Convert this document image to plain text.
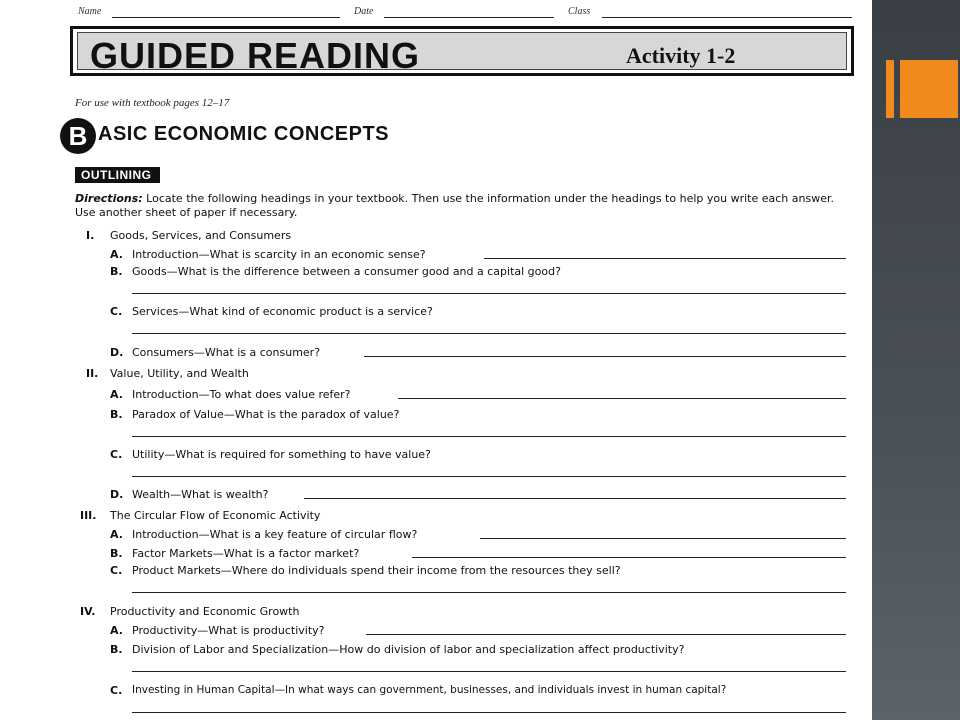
Name	Date	Class
GUIDED READING	Activity 1-2
For use with textbook pages 12–17
B ASIC ECONOMIC CONCEPTS
OUTLINING
Directions: Locate the following headings in your textbook. Then use the information under the headings to help you write each answer. Use another sheet of paper if necessary.
I. Goods, Services, and Consumers
A. Introduction—What is scarcity in an economic sense?
B. Goods—What is the difference between a consumer good and a capital good?
C. Services—What kind of economic product is a service?
D. Consumers—What is a consumer?
II. Value, Utility, and Wealth
A. Introduction—To what does value refer?
B. Paradox of Value—What is the paradox of value?
C. Utility—What is required for something to have value?
D. Wealth—What is wealth?
III. The Circular Flow of Economic Activity
A. Introduction—What is a key feature of circular flow?
B. Factor Markets—What is a factor market?
C. Product Markets—Where do individuals spend their income from the resources they sell?
IV. Productivity and Economic Growth
A. Productivity—What is productivity?
B. Division of Labor and Specialization—How do division of labor and specialization affect productivity?
C. Investing in Human Capital—In what ways can government, businesses, and individuals invest in human capital?
